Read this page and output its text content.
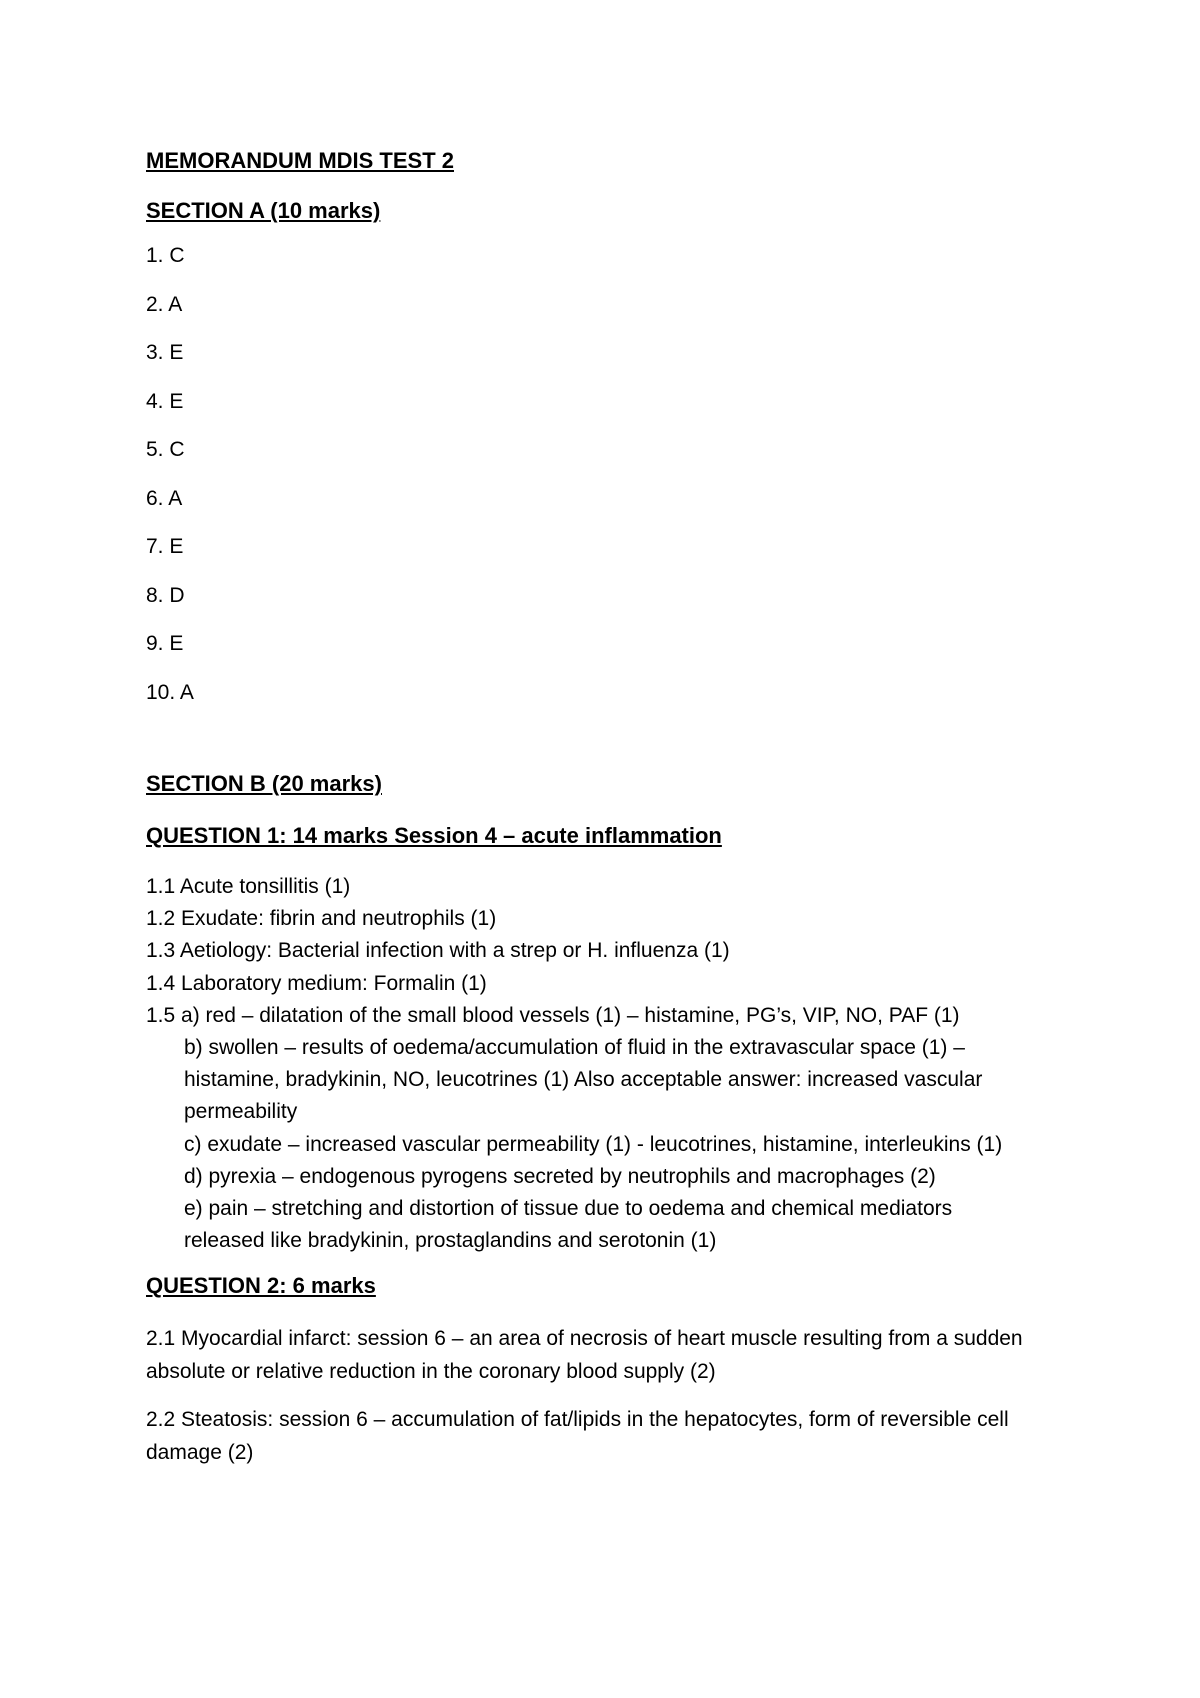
MEMORANDUM MDIS TEST 2
SECTION A (10 marks)
1. C
2. A
3. E
4. E
5. C
6. A
7. E
8. D
9. E
10. A
SECTION B (20 marks)
QUESTION 1: 14 marks Session 4 – acute inflammation
1.1 Acute tonsillitis (1)
1.2 Exudate: fibrin and neutrophils (1)
1.3 Aetiology: Bacterial infection with a strep or H. influenza (1)
1.4 Laboratory medium: Formalin (1)
1.5 a) red – dilatation of the small blood vessels (1) – histamine, PG’s, VIP, NO, PAF (1)
b) swollen – results of oedema/accumulation of fluid in the extravascular space (1) –
histamine, bradykinin, NO, leucotrines (1) Also acceptable answer: increased vascular
permeability
c) exudate – increased vascular permeability (1) - leucotrines, histamine, interleukins (1)
d) pyrexia – endogenous pyrogens secreted by neutrophils and macrophages (2)
e) pain – stretching and distortion of tissue due to oedema and chemical mediators
released like bradykinin, prostaglandins and serotonin (1)
QUESTION 2: 6 marks

2.1 Myocardial infarct: session 6 – an area of necrosis of heart muscle resulting from a sudden absolute or relative reduction in the coronary blood supply (2)

2.2 Steatosis: session 6 – accumulation of fat/lipids in the hepatocytes, form of reversible cell damage (2)
